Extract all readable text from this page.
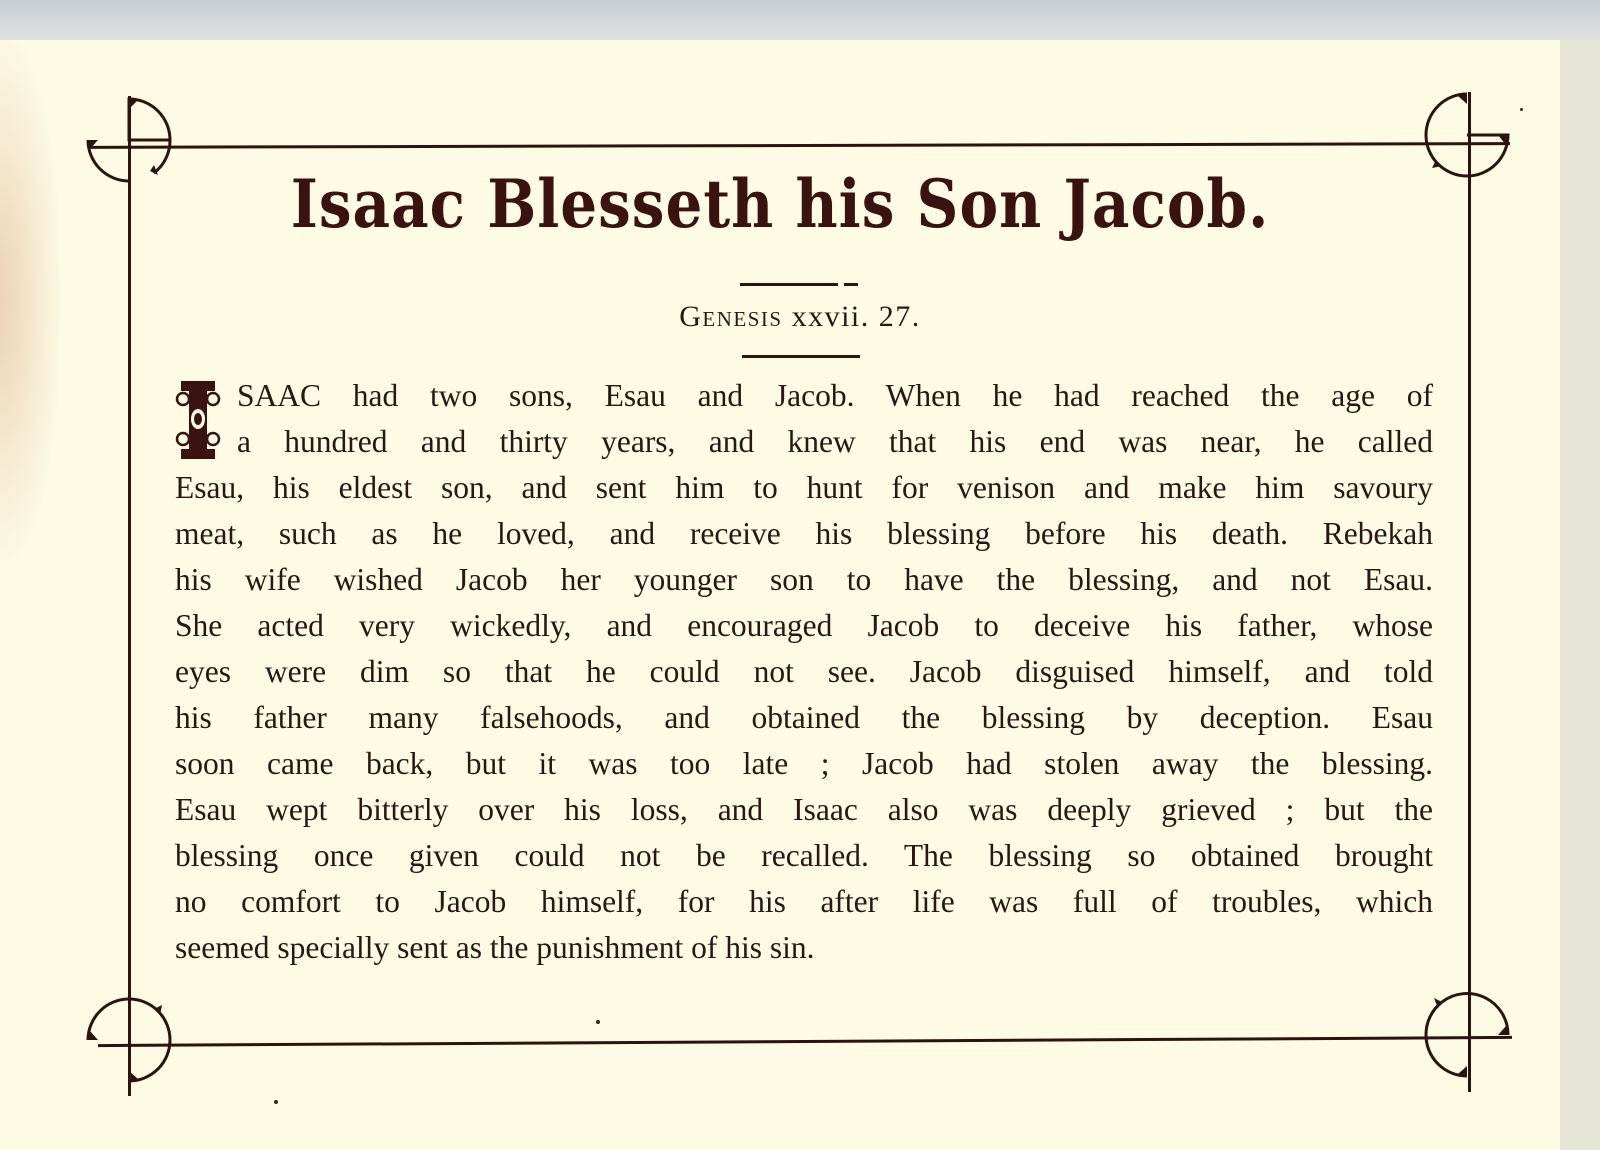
Isaac Blesseth his Son Jacob.
Genesis xxvii. 27.
SAAC had two sons, Esau and Jacob. When he had reached the age of
a hundred and thirty years, and knew that his end was near, he called
Esau, his eldest son, and sent him to hunt for venison and make him savoury
meat, such as he loved, and receive his blessing before his death. Rebekah
his wife wished Jacob her younger son to have the blessing, and not Esau.
She acted very wickedly, and encouraged Jacob to deceive his father, whose
eyes were dim so that he could not see. Jacob disguised himself, and told
his father many falsehoods, and obtained the blessing by deception. Esau
soon came back, but it was too late ; Jacob had stolen away the blessing.
Esau wept bitterly over his loss, and Isaac also was deeply grieved ; but the
blessing once given could not be recalled. The blessing so obtained brought
no comfort to Jacob himself, for his after life was full of troubles, which
seemed specially sent as the punishment of his sin.
